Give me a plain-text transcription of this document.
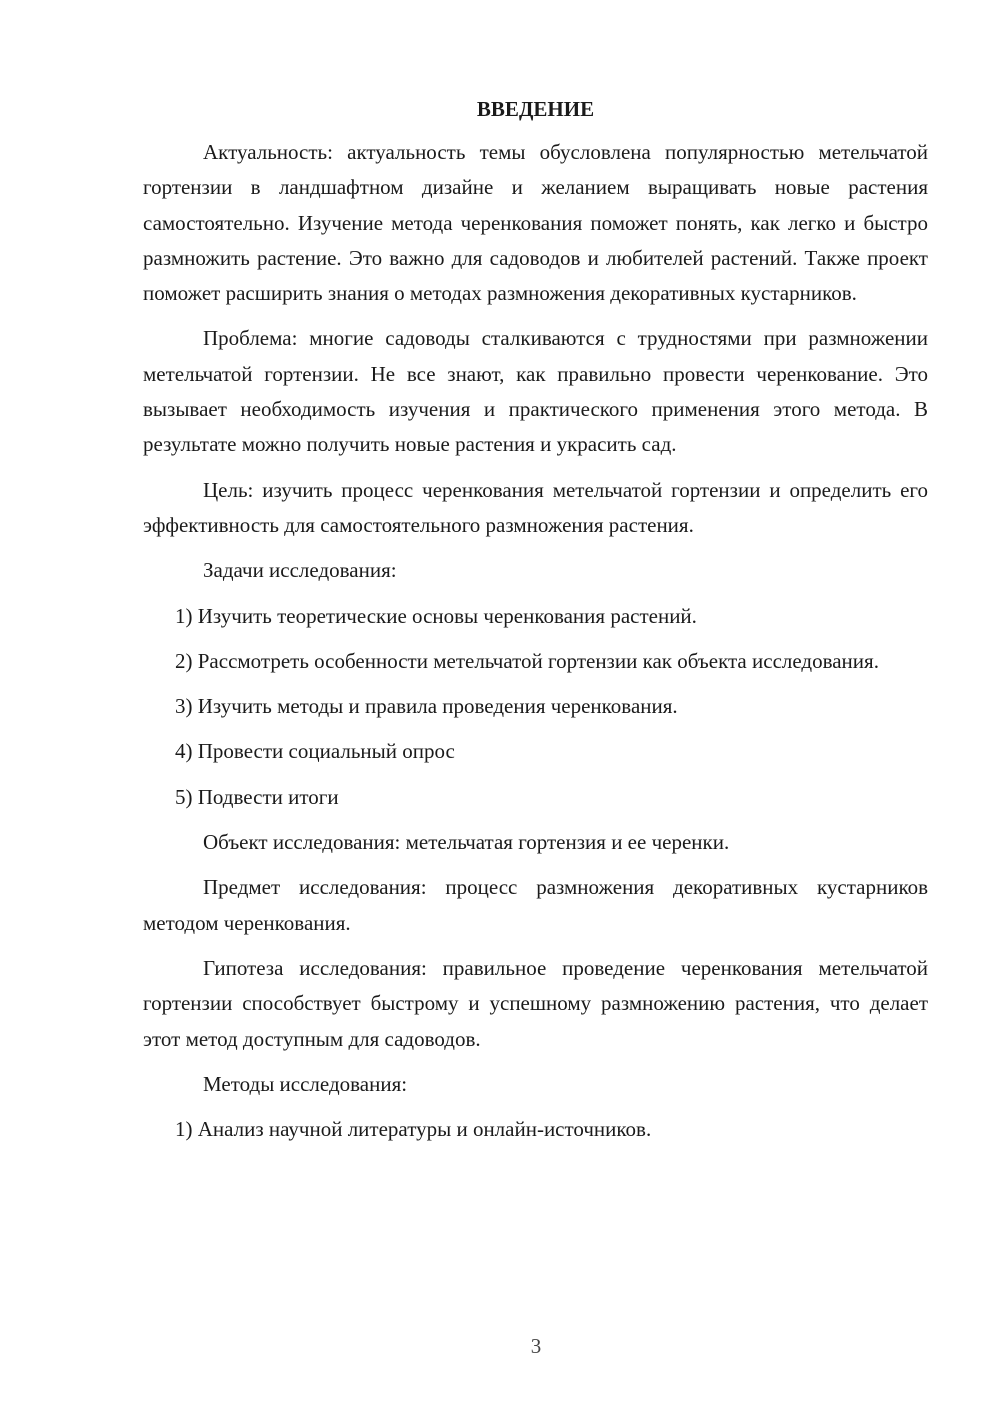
ВВЕДЕНИЕ

Актуальность: актуальность темы обусловлена популярностью метельчатой гортензии в ландшафтном дизайне и желанием выращивать новые растения самостоятельно. Изучение метода черенкования поможет понять, как легко и быстро размножить растение. Это важно для садоводов и любителей растений. Также проект поможет расширить знания о методах размножения декоративных кустарников.

Проблема: многие садоводы сталкиваются с трудностями при размножении метельчатой гортензии. Не все знают, как правильно провести черенкование. Это вызывает необходимость изучения и практического применения этого метода. В результате можно получить новые растения и украсить сад.

Цель: изучить процесс черенкования метельчатой гортензии и определить его эффективность для самостоятельного размножения растения.

Задачи исследования:

1) Изучить теоретические основы черенкования растений.

2) Рассмотреть особенности метельчатой гортензии как объекта исследования.

3) Изучить методы и правила проведения черенкования.

4) Провести социальный опрос

5) Подвести итоги

Объект исследования: метельчатая гортензия и ее черенки.

Предмет исследования: процесс размножения декоративных кустарников методом черенкования.

Гипотеза исследования: правильное проведение черенкования метельчатой гортензии способствует быстрому и успешному размножению растения, что делает этот метод доступным для садоводов.

Методы исследования:

1) Анализ научной литературы и онлайн-источников.

3
